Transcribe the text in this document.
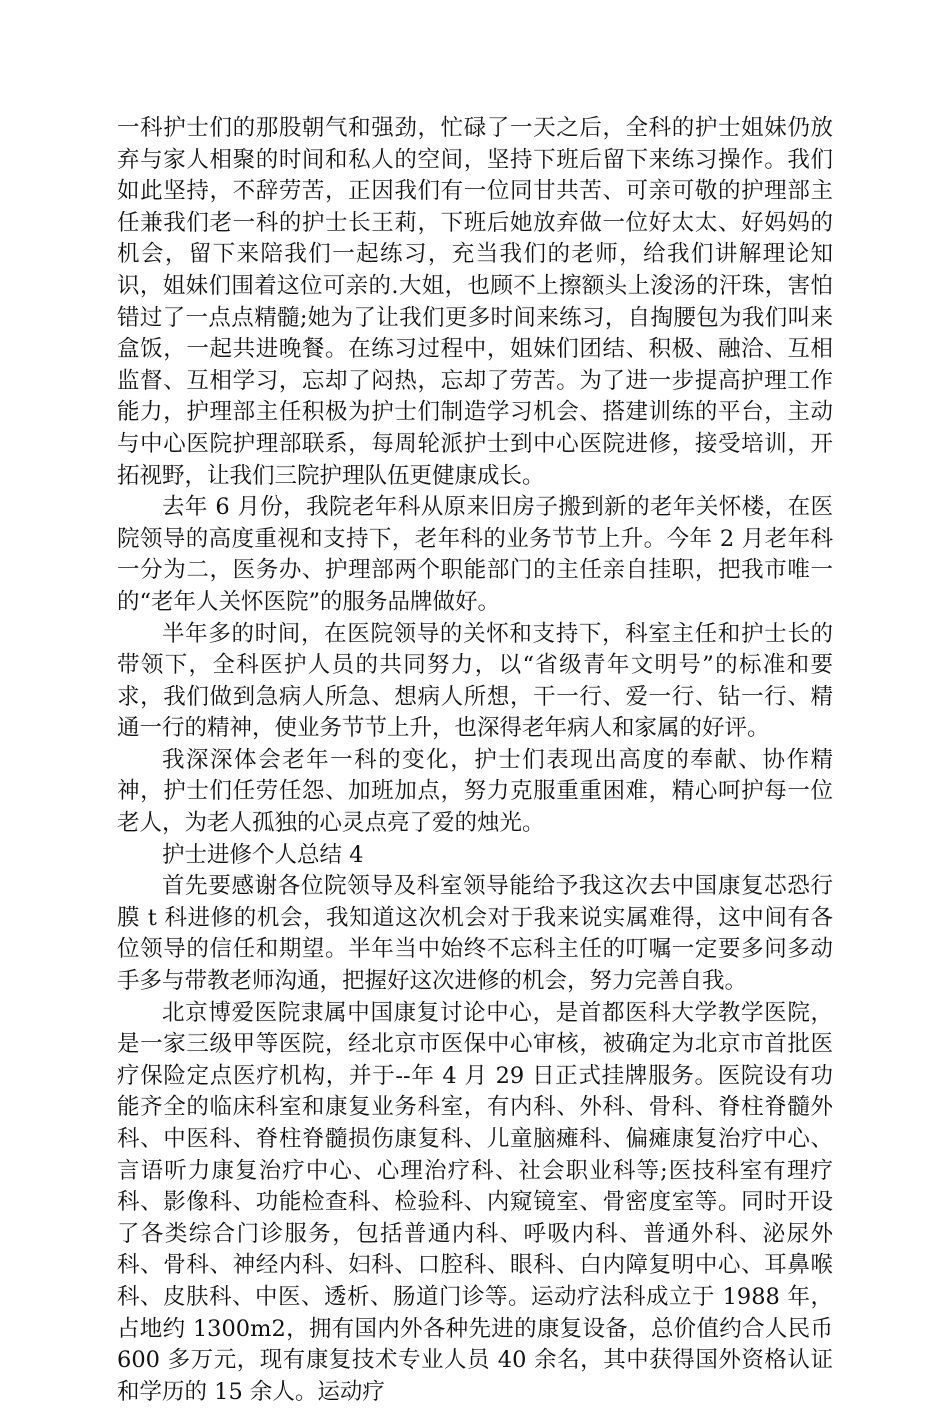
一科护士们的那股朝气和强劲，忙碌了一天之后，全科的护士姐妹仍放弃与家人相聚的时间和私人的空间，坚持下班后留下来练习操作。我们如此坚持，不辞劳苦，正因我们有一位同甘共苦、可亲可敬的护理部主任兼我们老一科的护士长王莉，下班后她放弃做一位好太太、好妈妈的机会，留下来陪我们一起练习，充当我们的老师，给我们讲解理论知识，姐妹们围着这位可亲的.大姐，也顾不上擦额头上浚汤的汗珠，害怕错过了一点点精髓;她为了让我们更多时间来练习，自掏腰包为我们叫来盒饭，一起共进晚餐。在练习过程中，姐妹们团结、积极、融洽、互相监督、互相学习，忘却了闷热，忘却了劳苦。为了进一步提高护理工作能力，护理部主任积极为护士们制造学习机会、搭建训练的平台，主动与中心医院护理部联系，每周轮派护士到中心医院进修，接受培训，开拓视野，让我们三院护理队伍更健康成长。

去年 6 月份，我院老年科从原来旧房子搬到新的老年关怀楼，在医院领导的高度重视和支持下，老年科的业务节节上升。今年 2 月老年科一分为二，医务办、护理部两个职能部门的主任亲自挂职，把我市唯一的“老年人关怀医院”的服务品牌做好。

半年多的时间，在医院领导的关怀和支持下，科室主任和护士长的带领下，全科医护人员的共同努力，以“省级青年文明号”的标准和要求，我们做到急病人所急、想病人所想，干一行、爱一行、钻一行、精通一行的精神，使业务节节上升，也深得老年病人和家属的好评。

我深深体会老年一科的变化，护士们表现出高度的奉献、协作精神，护士们任劳任怨、加班加点，努力克服重重困难，精心呵护每一位老人，为老人孤独的心灵点亮了爱的烛光。

护士进修个人总结 4

首先要感谢各位院领导及科室领导能给予我这次去中国康复芯恐行膜 t 科进修的机会，我知道这次机会对于我来说实属难得，这中间有各位领导的信任和期望。半年当中始终不忘科主任的叮嘱一定要多问多动手多与带教老师沟通，把握好这次进修的机会，努力完善自我。

北京博爱医院隶属中国康复讨论中心，是首都医科大学教学医院，是一家三级甲等医院，经北京市医保中心审核，被确定为北京市首批医疗保险定点医疗机构，并于--年 4 月 29 日正式挂牌服务。医院设有功能齐全的临床科室和康复业务科室，有内科、外科、骨科、脊柱脊髓外科、中医科、脊柱脊髓损伤康复科、儿童脑瘫科、偏瘫康复治疗中心、言语听力康复治疗中心、心理治疗科、社会职业科等;医技科室有理疗科、影像科、功能检查科、检验科、内窥镜室、骨密度室等。同时开设了各类综合门诊服务，包括普通内科、呼吸内科、普通外科、泌尿外科、骨科、神经内科、妇科、口腔科、眼科、白内障复明中心、耳鼻喉科、皮肤科、中医、透析、肠道门诊等。运动疗法科成立于 1988 年，占地约 1300m2，拥有国内外各种先进的康复设备，总价值约合人民币 600 多万元，现有康复技术专业人员 40 余名，其中获得国外资格认证和学历的 15 余人。运动疗
